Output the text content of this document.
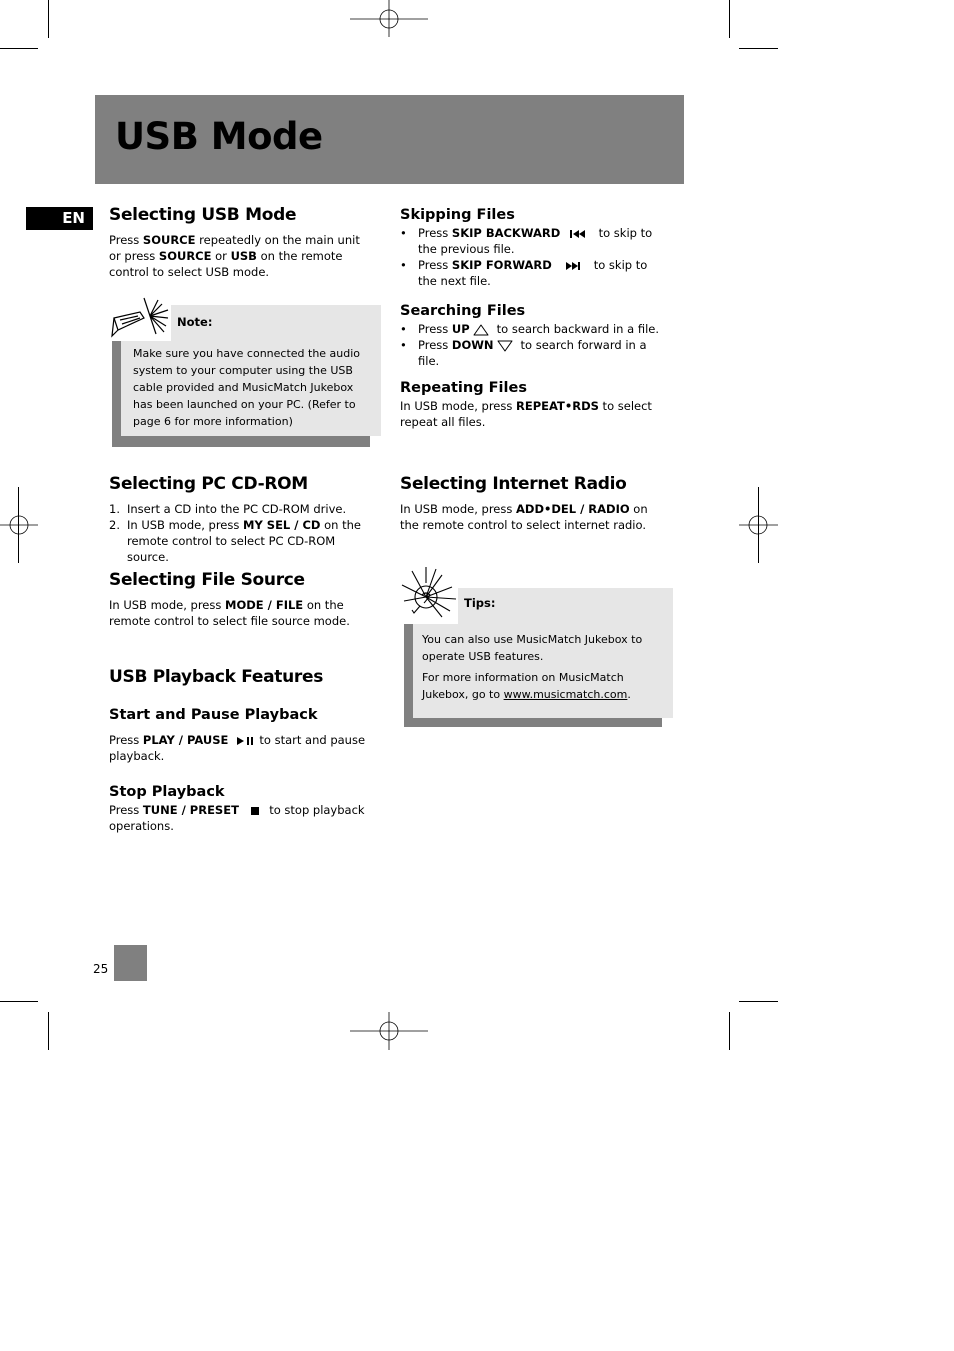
USB Mode
EN	Selecting USB Mode

Press SOURCE repeatedly on the main unit or press SOURCE or USB on the remote control to select USB mode.

Note:
Make sure you have connected the audio system to your computer using the USB cable provided and MusicMatch Jukebox has been launched on your PC. (Refer to page 6 for more information)
Selecting PC CD-ROM
1. Insert a CD into the PC CD-ROM drive.
2. In USB mode, press MY SEL / CD on the remote control to select PC CD-ROM source.
Selecting File Source

In USB mode, press MODE / FILE on the remote control to select file source mode.

USB Playback Features
Start and Pause Playback

Press PLAY / PAUSE   to start and pause playback.

Stop Playback

Press TUNE / PRESET     to stop playback operations.

Skipping Files
• Press SKIP BACKWARD	to skip to the previous file.
• Press SKIP FORWARD	to skip to the next file.
Searching Files
• Press UP   to search backward in a file.
• Press DOWN   to search forward in a file.
Repeating Files

In USB mode, press REPEAT•RDS to select repeat all files.

Selecting Internet Radio

In USB mode, press ADD•DEL / RADIO on the remote control to select internet radio.

Tips:
You can also use MusicMatch Jukebox to operate USB features.
For more information on MusicMatch Jukebox, go to www.musicmatch.com.
25
